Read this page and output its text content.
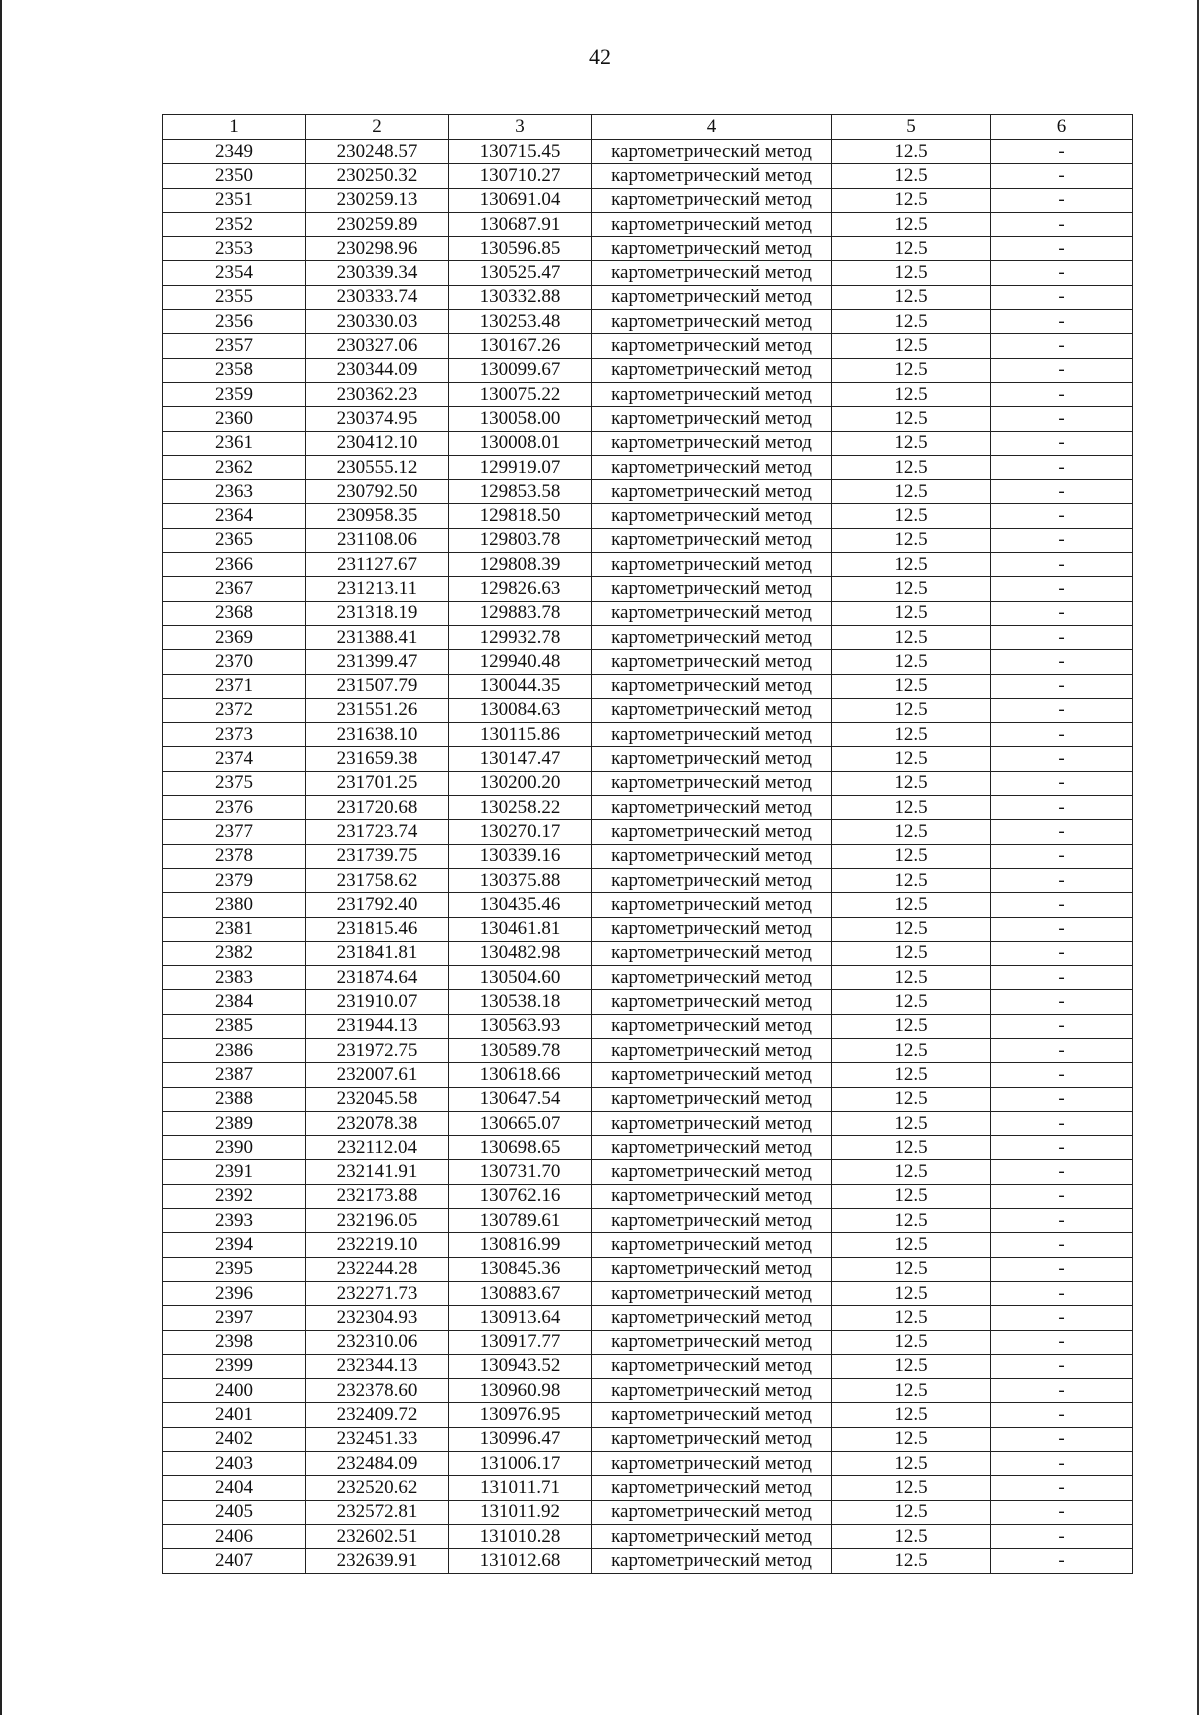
42
1	2	3	4	5	6
2349	230248.57	130715.45	картометрический метод	12.5	-
2350	230250.32	130710.27	картометрический метод	12.5	-
2351	230259.13	130691.04	картометрический метод	12.5	-
2352	230259.89	130687.91	картометрический метод	12.5	-
2353	230298.96	130596.85	картометрический метод	12.5	-
2354	230339.34	130525.47	картометрический метод	12.5	-
2355	230333.74	130332.88	картометрический метод	12.5	-
2356	230330.03	130253.48	картометрический метод	12.5	-
2357	230327.06	130167.26	картометрический метод	12.5	-
2358	230344.09	130099.67	картометрический метод	12.5	-
2359	230362.23	130075.22	картометрический метод	12.5	-
2360	230374.95	130058.00	картометрический метод	12.5	-
2361	230412.10	130008.01	картометрический метод	12.5	-
2362	230555.12	129919.07	картометрический метод	12.5	-
2363	230792.50	129853.58	картометрический метод	12.5	-
2364	230958.35	129818.50	картометрический метод	12.5	-
2365	231108.06	129803.78	картометрический метод	12.5	-
2366	231127.67	129808.39	картометрический метод	12.5	-
2367	231213.11	129826.63	картометрический метод	12.5	-
2368	231318.19	129883.78	картометрический метод	12.5	-
2369	231388.41	129932.78	картометрический метод	12.5	-
2370	231399.47	129940.48	картометрический метод	12.5	-
2371	231507.79	130044.35	картометрический метод	12.5	-
2372	231551.26	130084.63	картометрический метод	12.5	-
2373	231638.10	130115.86	картометрический метод	12.5	-
2374	231659.38	130147.47	картометрический метод	12.5	-
2375	231701.25	130200.20	картометрический метод	12.5	-
2376	231720.68	130258.22	картометрический метод	12.5	-
2377	231723.74	130270.17	картометрический метод	12.5	-
2378	231739.75	130339.16	картометрический метод	12.5	-
2379	231758.62	130375.88	картометрический метод	12.5	-
2380	231792.40	130435.46	картометрический метод	12.5	-
2381	231815.46	130461.81	картометрический метод	12.5	-
2382	231841.81	130482.98	картометрический метод	12.5	-
2383	231874.64	130504.60	картометрический метод	12.5	-
2384	231910.07	130538.18	картометрический метод	12.5	-
2385	231944.13	130563.93	картометрический метод	12.5	-
2386	231972.75	130589.78	картометрический метод	12.5	-
2387	232007.61	130618.66	картометрический метод	12.5	-
2388	232045.58	130647.54	картометрический метод	12.5	-
2389	232078.38	130665.07	картометрический метод	12.5	-
2390	232112.04	130698.65	картометрический метод	12.5	-
2391	232141.91	130731.70	картометрический метод	12.5	-
2392	232173.88	130762.16	картометрический метод	12.5	-
2393	232196.05	130789.61	картометрический метод	12.5	-
2394	232219.10	130816.99	картометрический метод	12.5	-
2395	232244.28	130845.36	картометрический метод	12.5	-
2396	232271.73	130883.67	картометрический метод	12.5	-
2397	232304.93	130913.64	картометрический метод	12.5	-
2398	232310.06	130917.77	картометрический метод	12.5	-
2399	232344.13	130943.52	картометрический метод	12.5	-
2400	232378.60	130960.98	картометрический метод	12.5	-
2401	232409.72	130976.95	картометрический метод	12.5	-
2402	232451.33	130996.47	картометрический метод	12.5	-
2403	232484.09	131006.17	картометрический метод	12.5	-
2404	232520.62	131011.71	картометрический метод	12.5	-
2405	232572.81	131011.92	картометрический метод	12.5	-
2406	232602.51	131010.28	картометрический метод	12.5	-
2407	232639.91	131012.68	картометрический метод	12.5	-
